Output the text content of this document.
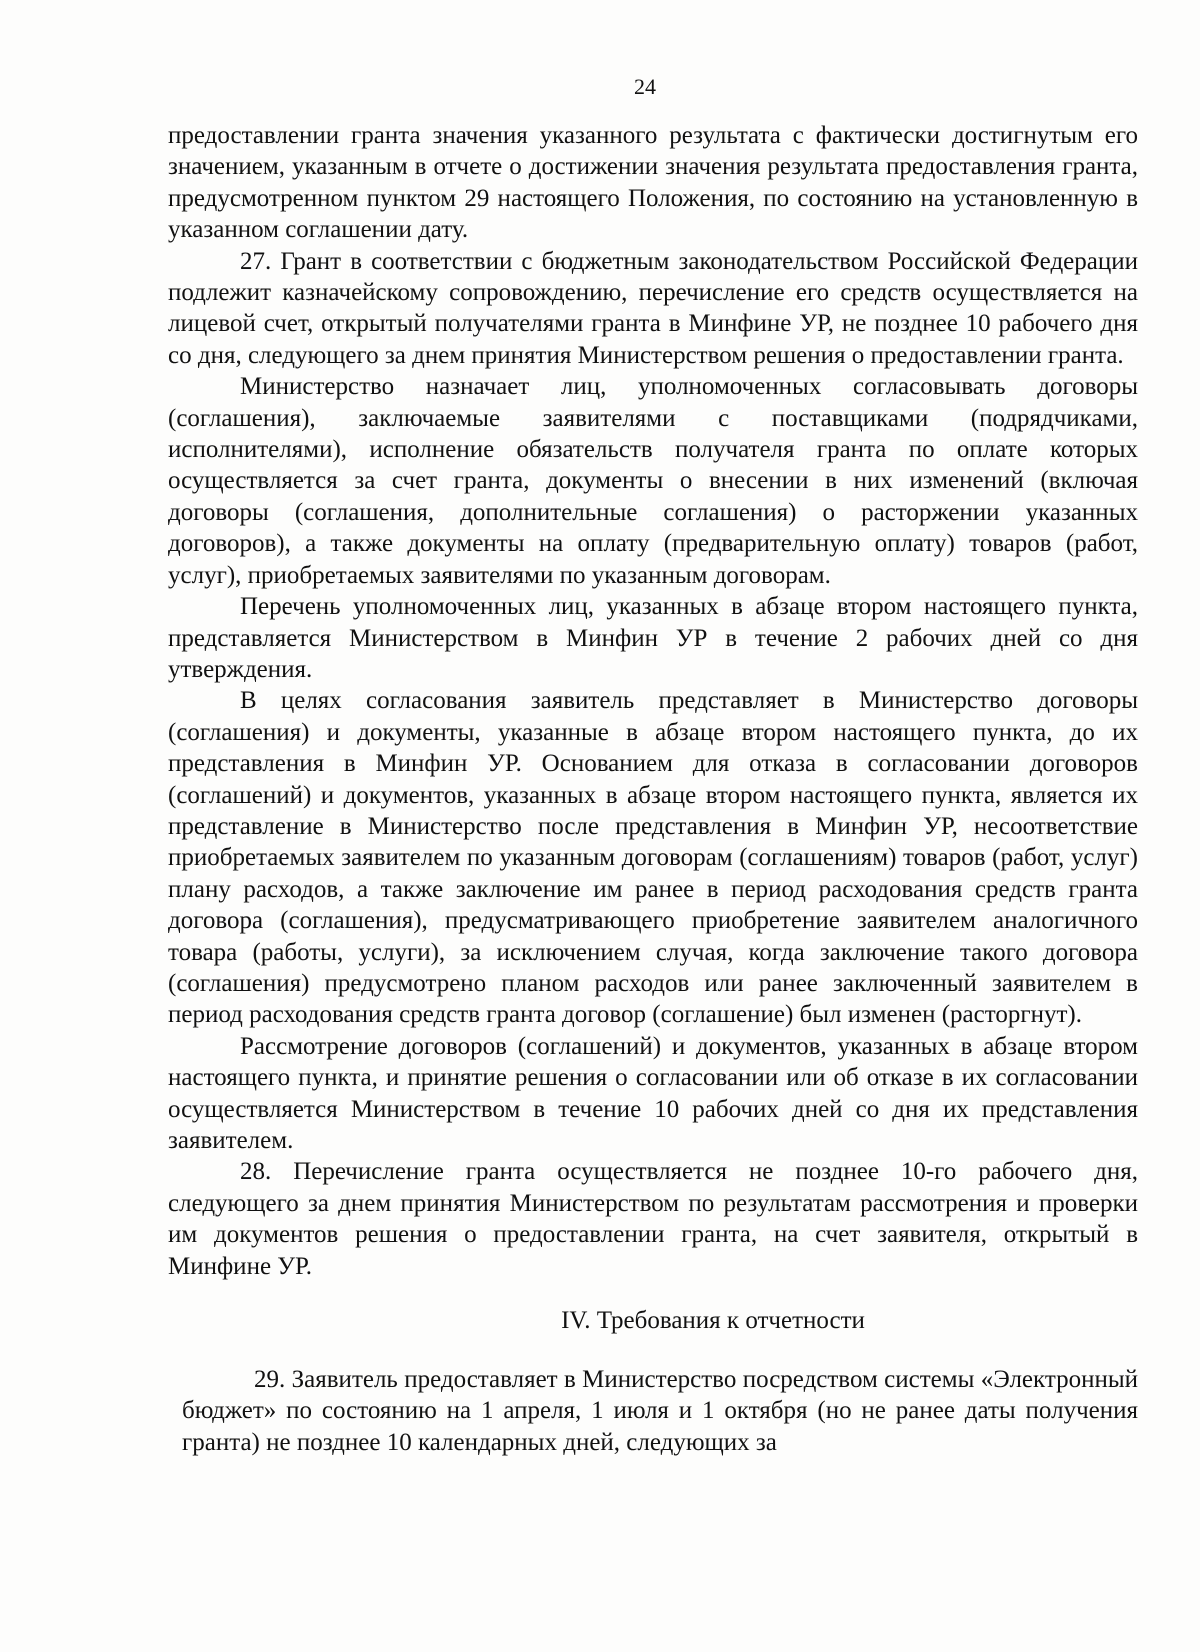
24

предоставлении гранта значения указанного результата с фактически достигнутым его значением, указанным в отчете о достижении значения результата предоставления гранта, предусмотренном пунктом 29 настоящего Положения, по состоянию на установленную в указанном соглашении дату.

27. Грант в соответствии с бюджетным законодательством Российской Федерации подлежит казначейскому сопровождению, перечисление его средств осуществляется на лицевой счет, открытый получателями гранта в Минфине УР, не позднее 10 рабочего дня со дня, следующего за днем принятия Министерством решения о предоставлении гранта.

Министерство назначает лиц, уполномоченных согласовывать договоры (соглашения), заключаемые заявителями с поставщиками (подрядчиками, исполнителями), исполнение обязательств получателя гранта по оплате которых осуществляется за счет гранта, документы о внесении в них изменений (включая договоры (соглашения, дополнительные соглашения) о расторжении указанных договоров), а также документы на оплату (предварительную оплату) товаров (работ, услуг), приобретаемых заявителями по указанным договорам.

Перечень уполномоченных лиц, указанных в абзаце втором настоящего пункта, представляется Министерством в Минфин УР в течение 2 рабочих дней со дня утверждения.

В целях согласования заявитель представляет в Министерство договоры (соглашения) и документы, указанные в абзаце втором настоящего пункта, до их представления в Минфин УР. Основанием для отказа в согласовании договоров (соглашений) и документов, указанных в абзаце втором настоящего пункта, является их представление в Министерство после представления в Минфин УР, несоответствие приобретаемых заявителем по указанным договорам (соглашениям) товаров (работ, услуг) плану расходов, а также заключение им ранее в период расходования средств гранта договора (соглашения), предусматривающего приобретение заявителем аналогичного товара (работы, услуги), за исключением случая, когда заключение такого договора (соглашения) предусмотрено планом расходов или ранее заключенный заявителем в период расходования средств гранта договор (соглашение) был изменен (расторгнут).

Рассмотрение договоров (соглашений) и документов, указанных в абзаце втором настоящего пункта, и принятие решения о согласовании или об отказе в их согласовании осуществляется Министерством в течение 10 рабочих дней со дня их представления заявителем.

28. Перечисление гранта осуществляется не позднее 10-го рабочего дня, следующего за днем принятия Министерством по результатам рассмотрения и проверки им документов решения о предоставлении гранта, на счет заявителя, открытый в Минфине УР.

IV. Требования к отчетности

29. Заявитель предоставляет в Министерство посредством системы «Электронный бюджет» по состоянию на 1 апреля, 1 июля и 1 октября (но не ранее даты получения гранта) не позднее 10 календарных дней, следующих за
